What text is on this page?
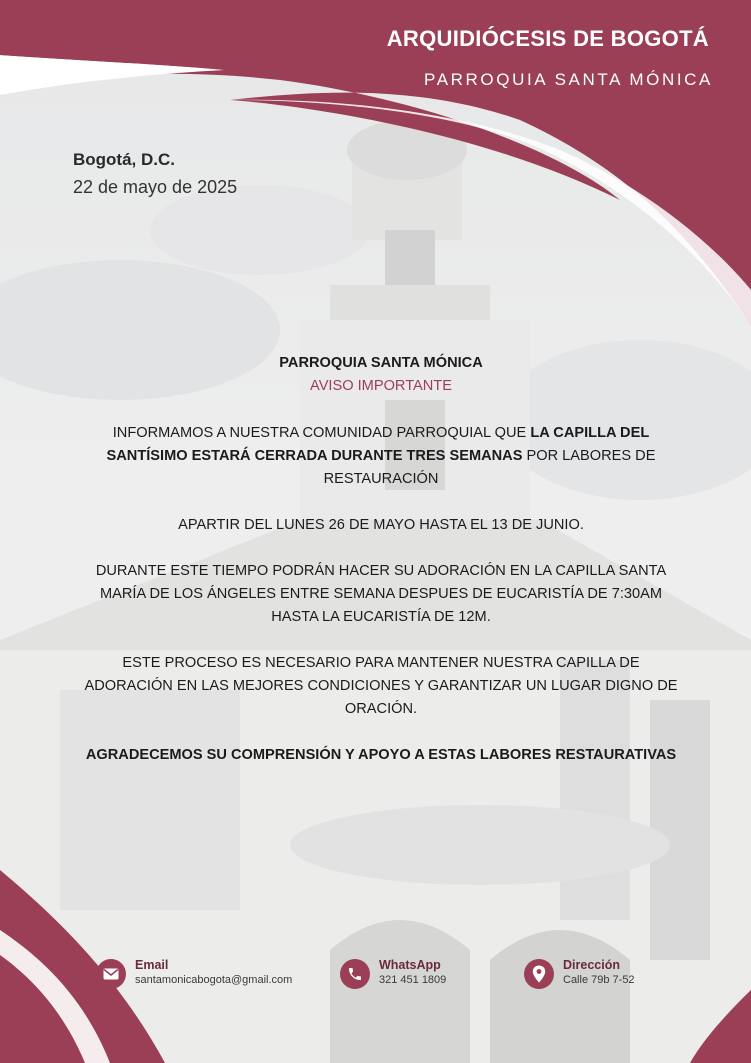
ARQUIDIÓCESIS DE BOGOTÁ

PARROQUIA SANTA MÓNICA

Bogotá, D.C.
22 de mayo de 2025

PARROQUIA SANTA MÓNICA

AVISO IMPORTANTE

INFORMAMOS A NUESTRA COMUNIDAD PARROQUIAL QUE LA CAPILLA DEL SANTÍSIMO ESTARÁ CERRADA DURANTE TRES SEMANAS POR LABORES DE RESTAURACIÓN

APARTIR DEL LUNES 26 DE MAYO HASTA EL 13 DE JUNIO.

DURANTE ESTE TIEMPO PODRÁN HACER SU ADORACIÓN EN LA CAPILLA SANTA MARÍA DE LOS ÁNGELES ENTRE SEMANA DESPUES DE EUCARISTÍA DE 7:30AM HASTA LA EUCARISTÍA DE 12M.

ESTE PROCESO ES NECESARIO PARA MANTENER NUESTRA CAPILLA DE ADORACIÓN EN LAS MEJORES CONDICIONES Y GARANTIZAR UN LUGAR DIGNO DE ORACIÓN.

AGRADECEMOS SU COMPRENSIÓN Y APOYO A ESTAS LABORES RESTAURATIVAS

Email
santamonicabogota@gmail.com
WhatsApp
321 451 1809
Dirección
Calle 79b 7-52
